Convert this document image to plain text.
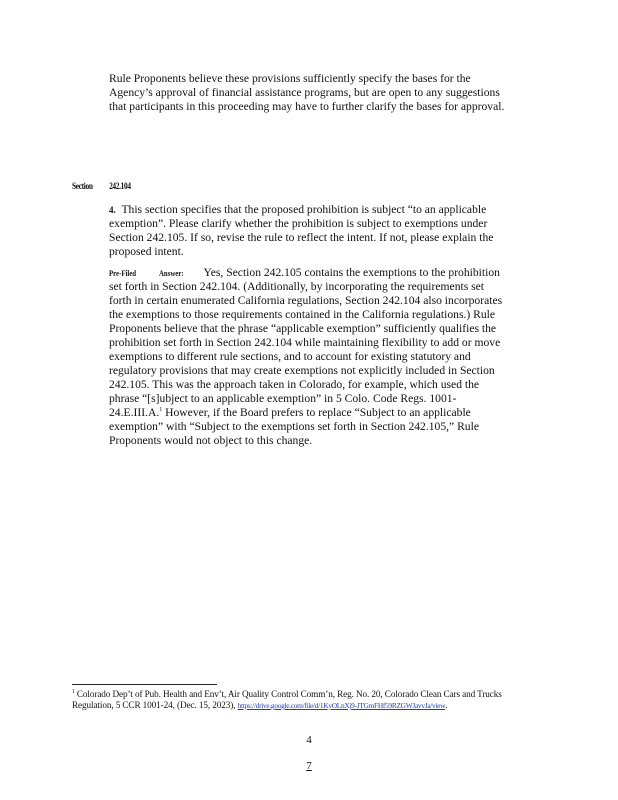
Rule Proponents believe these provisions sufficiently specify the bases for the Agency’s approval of financial assistance programs, but are open to any suggestions that participants in this proceeding may have to further clarify the bases for approval.

Section 242.104

4. This section specifies that the proposed prohibition is subject “to an applicable exemption”. Please clarify whether the prohibition is subject to exemptions under Section 242.105. If so, revise the rule to reflect the intent. If not, please explain the proposed intent.

Pre-Filed	Answer: Yes, Section 242.105 contains the exemptions to the prohibition set forth in Section 242.104. (Additionally, by incorporating the requirements set forth in certain enumerated California regulations, Section 242.104 also incorporates the exemptions to those requirements contained in the California regulations.) Rule Proponents believe that the phrase “applicable exemption” sufficiently qualifies the prohibition set forth in Section 242.104 while maintaining flexibility to add or move exemptions to different rule sections, and to account for existing statutory and regulatory provisions that may create exemptions not explicitly included in Section 242.105. This was the approach taken in Colorado, for example, which used the phrase “[s]ubject to an applicable exemption” in 5 Colo. Code Regs. 1001-24.E.III.A.$^1$ However, if the Board prefers to replace “Subject to an applicable exemption” with “Subject to the exemptions set forth in Section 242.105,” Rule Proponents would not object to this change.

$^1$ Colorado Dep’t of Pub. Health and Env’t, Air Quality Control Comm’n, Reg. No. 20, Colorado Clean Cars and Trucks Regulation, 5 CCR 1001-24, (Dec. 15, 2023), https://drive.google.com/file/d/1KyOLnXj9-JTGmFHf59RZGWJavvJa/view.
4
7
